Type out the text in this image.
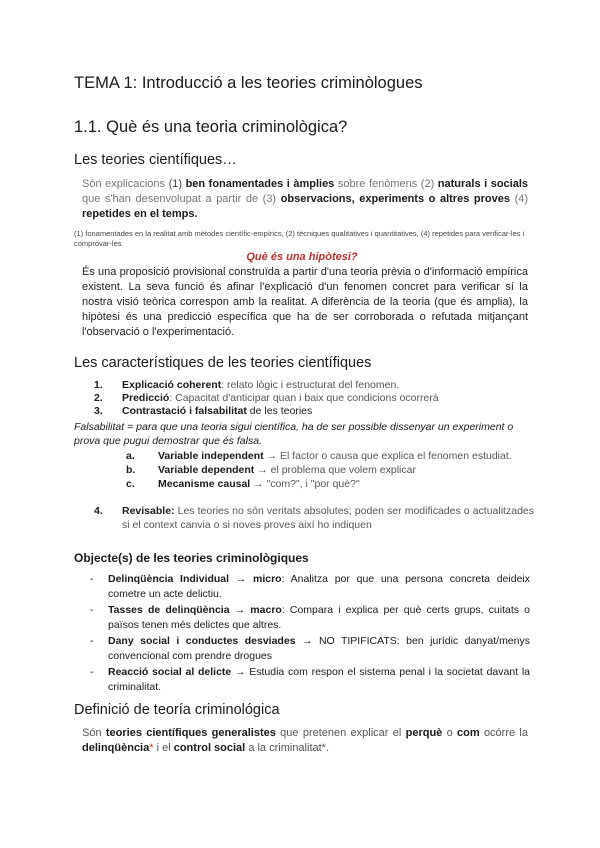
TEMA 1: Introducció a les teories criminòlogues
1.1. Què és una teoria criminològica?
Les teories científiques…
Són explicacions (1) ben fonamentades i àmplies sobre fenòmens (2) naturals i socials que s'han desenvolupat a partir de (3) observacions, experiments o altres proves (4) repetides en el temps.
(1) fonamentades en la realitat amb mètodes científic-empírics, (2) tècniques qualitatives i quantitatives, (4) repetides para verificar-les i comprovar-les
Què és una hipòtesi?
És una proposició provisional construïda a partir d'una teoria prèvia o d'informació empírica existent. La seva funció és afinar l'explicació d'un fenomen concret para verificar sí la nostra visió teòrica correspon amb la realitat. A diferència de la teoria (que és amplia), la hipòtesi és una predicció específica que ha de ser corroborada o refutada mitjançant l'observació o l'experimentació.
Les característiques de les teories científiques
1.	Explicació coherent: relato lògic i estructurat del fenomen.
2.	Predicció: Capacitat d'anticipar quan i baix que condicions ocorrerà
3.	Contrastació i falsabilitat de les teories
Falsabilitat = para que una teoria sigui científica, ha de ser possible dissenyar un experiment o prova que pugui demostrar que és falsa.
a.	Variable independent → El factor o causa que explica el fenomen estudiat.
b.	Variable dependent → el problema que volem explicar
c.	Mecanisme causal → "com?", i "por què?"
4.	Revisable: Les teories no són veritats absolutes; poden ser modificades o actualitzades si el context canvia o si noves proves així ho indiquen
Objecte(s) de les teories criminològiques
-	Delinqüència Individual → micro: Analitza por que una persona concreta deideix cometre un acte delictiu.
-	Tasses de delinqüència → macro: Compara i explica per què certs grups, cuitats o països tenen més delictes que altres.
-	Dany social i conductes desviades → NO TIPIFICATS: ben jurídic danyat/menys convencional com prendre drogues
-	Reacció social al delicte → Estudia com respon el sistema penal i la societat davant la criminalitat.
Definició de teoría criminológica
Són teories científiques generalistes que pretenen explicar el perquè o com ocórre la delinqüència* i el control social a la criminalitat*.
